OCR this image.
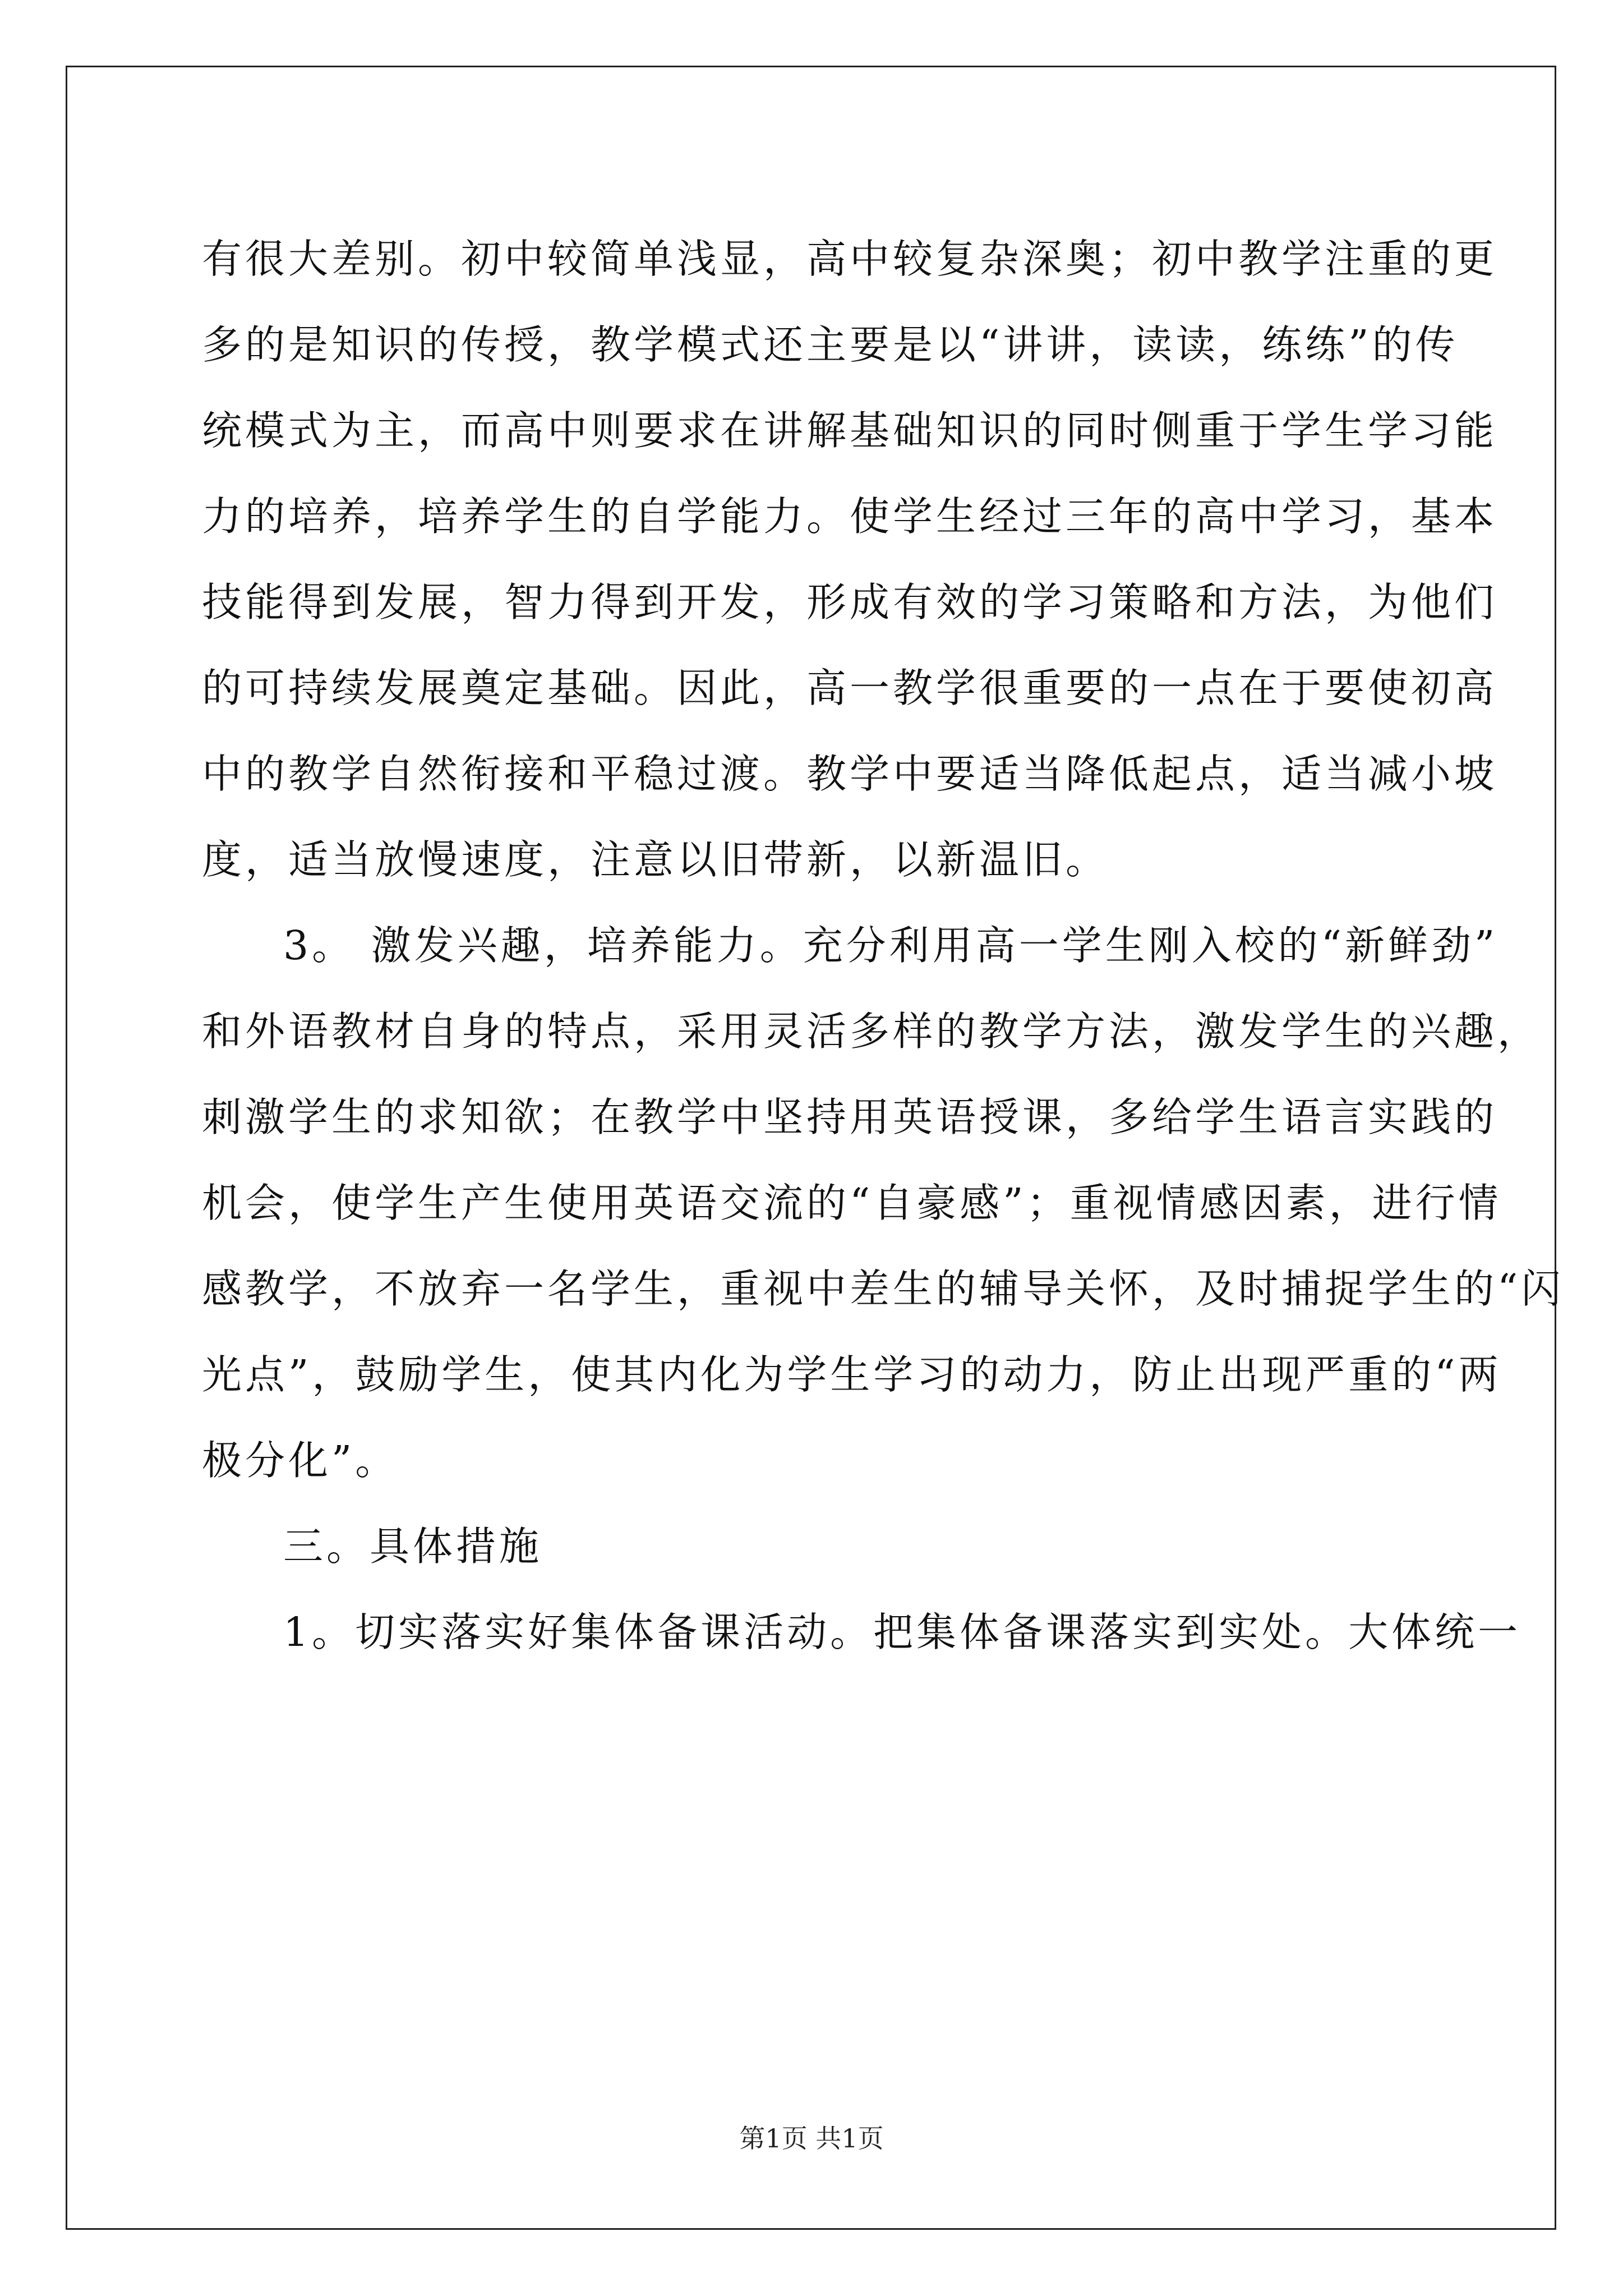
有很大差别。初中较简单浅显，高中较复杂深奥；初中教学注重的更
多的是知识的传授，教学模式还主要是以“讲讲，读读，练练”的传
统模式为主，而高中则要求在讲解基础知识的同时侧重于学生学习能
力的培养，培养学生的自学能力。使学生经过三年的高中学习，基本
技能得到发展，智力得到开发，形成有效的学习策略和方法，为他们
的可持续发展奠定基础。因此，高一教学很重要的一点在于要使初高
中的教学自然衔接和平稳过渡。教学中要适当降低起点，适当减小坡
度，适当放慢速度，注意以旧带新，以新温旧。
3。 激发兴趣，培养能力。充分利用高一学生刚入校的“新鲜劲”
和外语教材自身的特点，采用灵活多样的教学方法，激发学生的兴趣，
刺激学生的求知欲；在教学中坚持用英语授课，多给学生语言实践的
机会，使学生产生使用英语交流的“自豪感”；重视情感因素，进行情
感教学，不放弃一名学生，重视中差生的辅导关怀，及时捕捉学生的“闪
光点”，鼓励学生，使其内化为学生学习的动力，防止出现严重的“两
极分化”。
三。具体措施
1。切实落实好集体备课活动。把集体备课落实到实处。大体统一
第1页 共1页
